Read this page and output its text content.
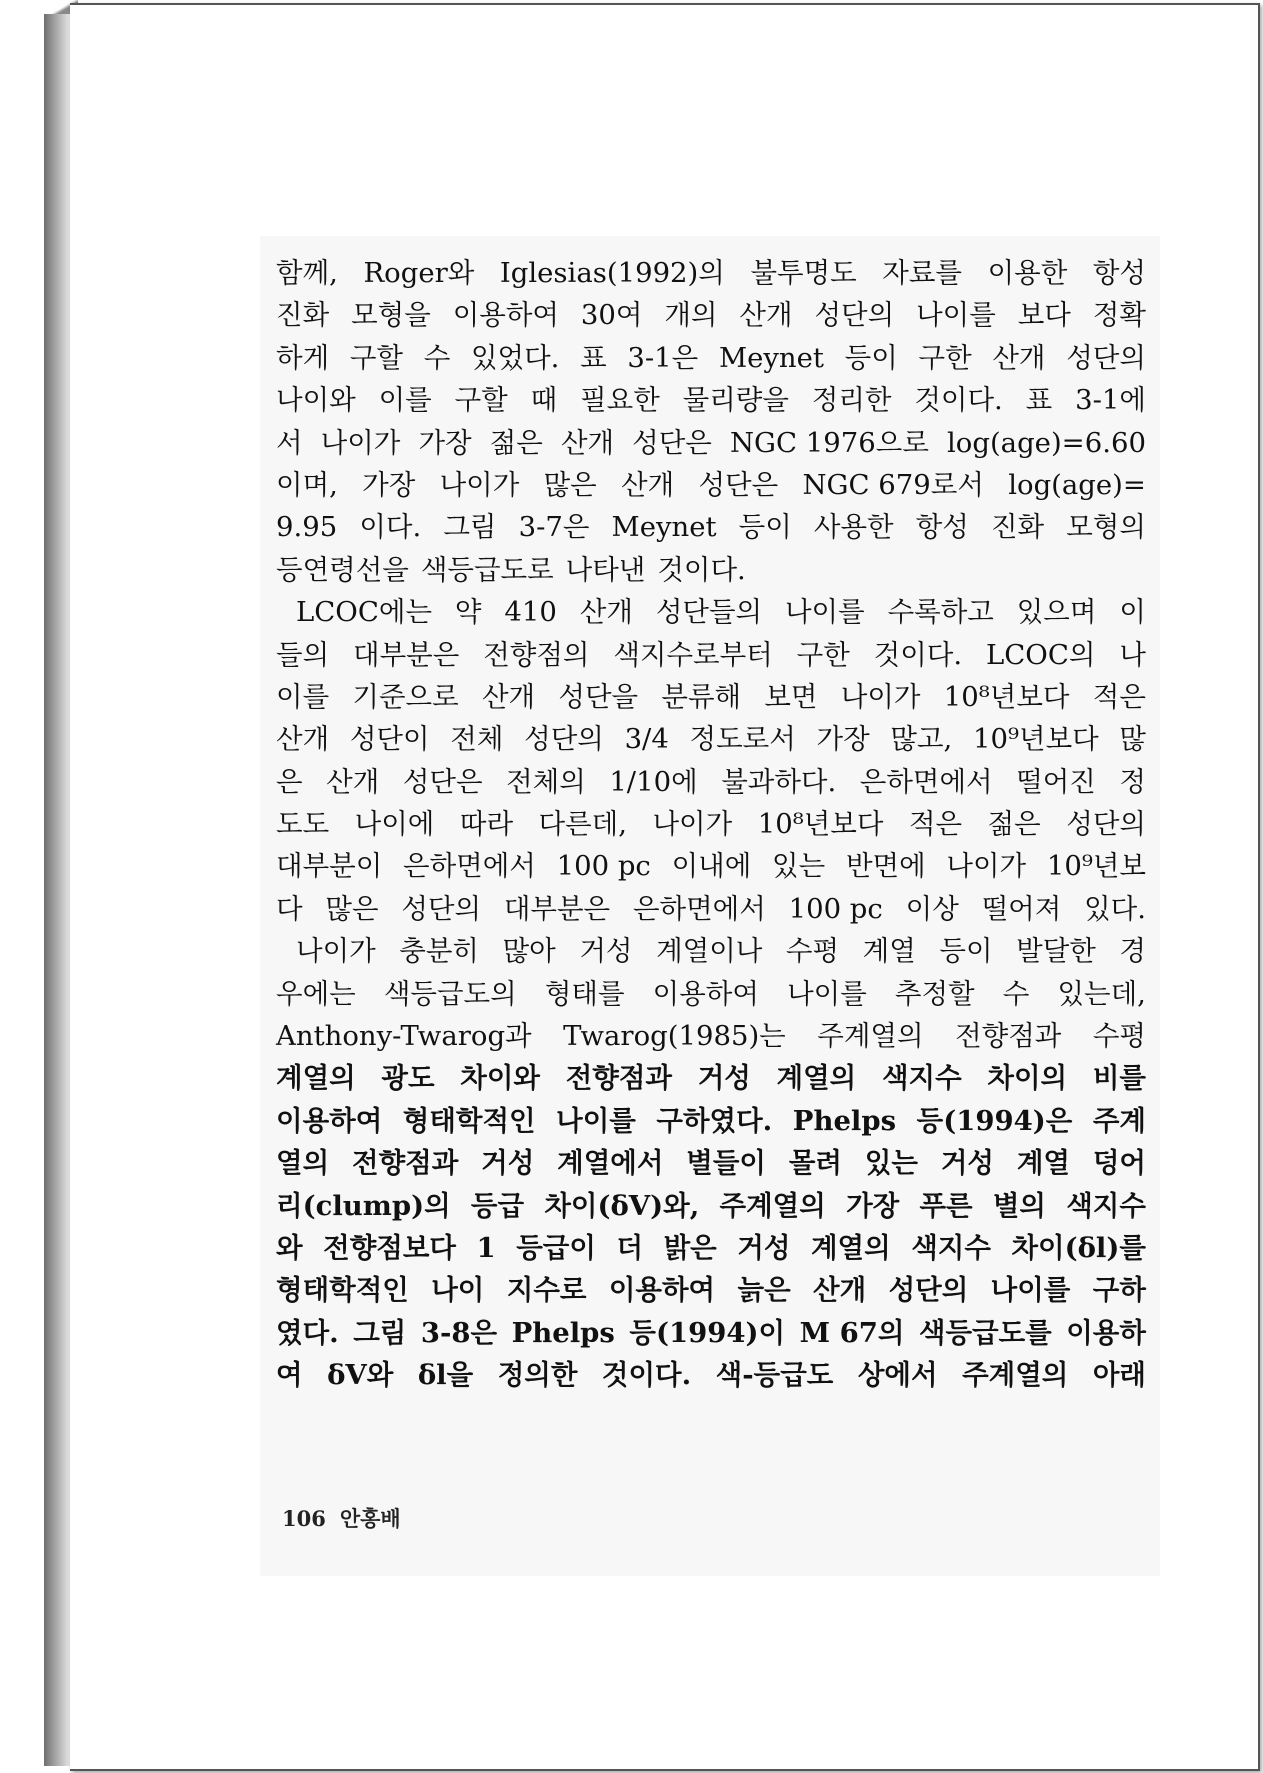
함께, Roger와 Iglesias(1992)의 불투명도 자료를 이용한 항성
진화 모형을 이용하여 30여 개의 산개 성단의 나이를 보다 정확
하게 구할 수 있었다. 표 3-1은 Meynet 등이 구한 산개 성단의
나이와 이를 구할 때 필요한 물리량을 정리한 것이다. 표 3-1에
서 나이가 가장 젊은 산개 성단은 NGC 1976으로 log(age)=6.60
이며, 가장 나이가 많은 산개 성단은 NGC 679로서 log(age)=
9.95 이다. 그림 3-7은 Meynet 등이 사용한 항성 진화 모형의
등연령선을 색등급도로 나타낸 것이다.
LCOC에는 약 410 산개 성단들의 나이를 수록하고 있으며 이
들의 대부분은 전향점의 색지수로부터 구한 것이다. LCOC의 나
이를 기준으로 산개 성단을 분류해 보면 나이가 10⁸년보다 적은
산개 성단이 전체 성단의 3/4 정도로서 가장 많고, 10⁹년보다 많
은 산개 성단은 전체의 1/10에 불과하다. 은하면에서 떨어진 정
도도 나이에 따라 다른데, 나이가 10⁸년보다 적은 젊은 성단의
대부분이 은하면에서 100 pc 이내에 있는 반면에 나이가 10⁹년보
다 많은 성단의 대부분은 은하면에서 100 pc 이상 떨어져 있다.
나이가 충분히 많아 거성 계열이나 수평 계열 등이 발달한 경
우에는 색등급도의 형태를 이용하여 나이를 추정할 수 있는데,
Anthony-Twarog과 Twarog(1985)는 주계열의 전향점과 수평
계열의 광도 차이와 전향점과 거성 계열의 색지수 차이의 비를
이용하여 형태학적인 나이를 구하였다. Phelps 등(1994)은 주계
열의 전향점과 거성 계열에서 별들이 몰려 있는 거성 계열 덩어
리(clump)의 등급 차이(δV)와, 주계열의 가장 푸른 별의 색지수
와 전향점보다 1 등급이 더 밝은 거성 계열의 색지수 차이(δl)를
형태학적인 나이 지수로 이용하여 늙은 산개 성단의 나이를 구하
였다. 그림 3-8은 Phelps 등(1994)이 M 67의 색등급도를 이용하
여 δV와 δl을 정의한 것이다. 색-등급도 상에서 주계열의 아래
106 안홍배
